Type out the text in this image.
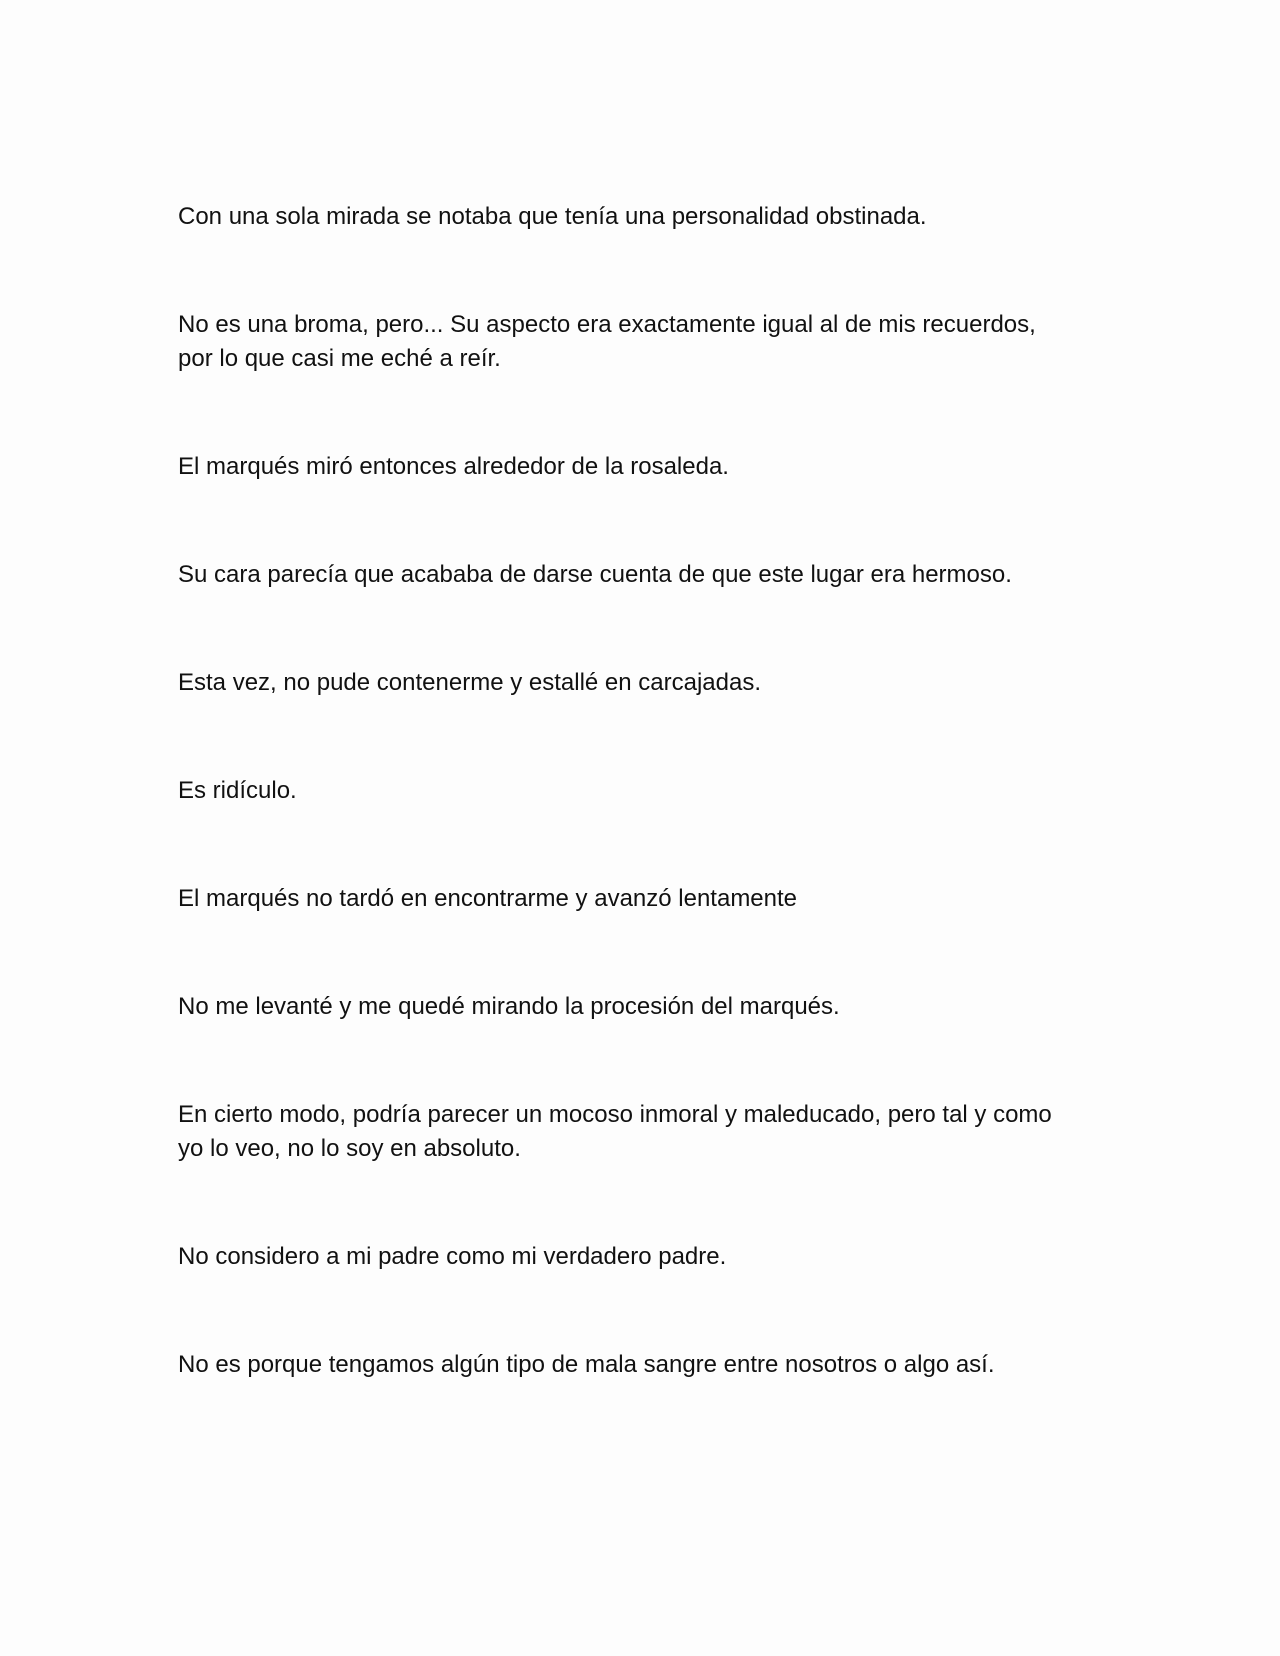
Con una sola mirada se notaba que tenía una personalidad obstinada.

No es una broma, pero... Su aspecto era exactamente igual al de mis recuerdos,
por lo que casi me eché a reír.

El marqués miró entonces alrededor de la rosaleda.

Su cara parecía que acababa de darse cuenta de que este lugar era hermoso.

Esta vez, no pude contenerme y estallé en carcajadas.

Es ridículo.

El marqués no tardó en encontrarme y avanzó lentamente

No me levanté y me quedé mirando la procesión del marqués.

En cierto modo, podría parecer un mocoso inmoral y maleducado, pero tal y como
yo lo veo, no lo soy en absoluto.

No considero a mi padre como mi verdadero padre.

No es porque tengamos algún tipo de mala sangre entre nosotros o algo así.
